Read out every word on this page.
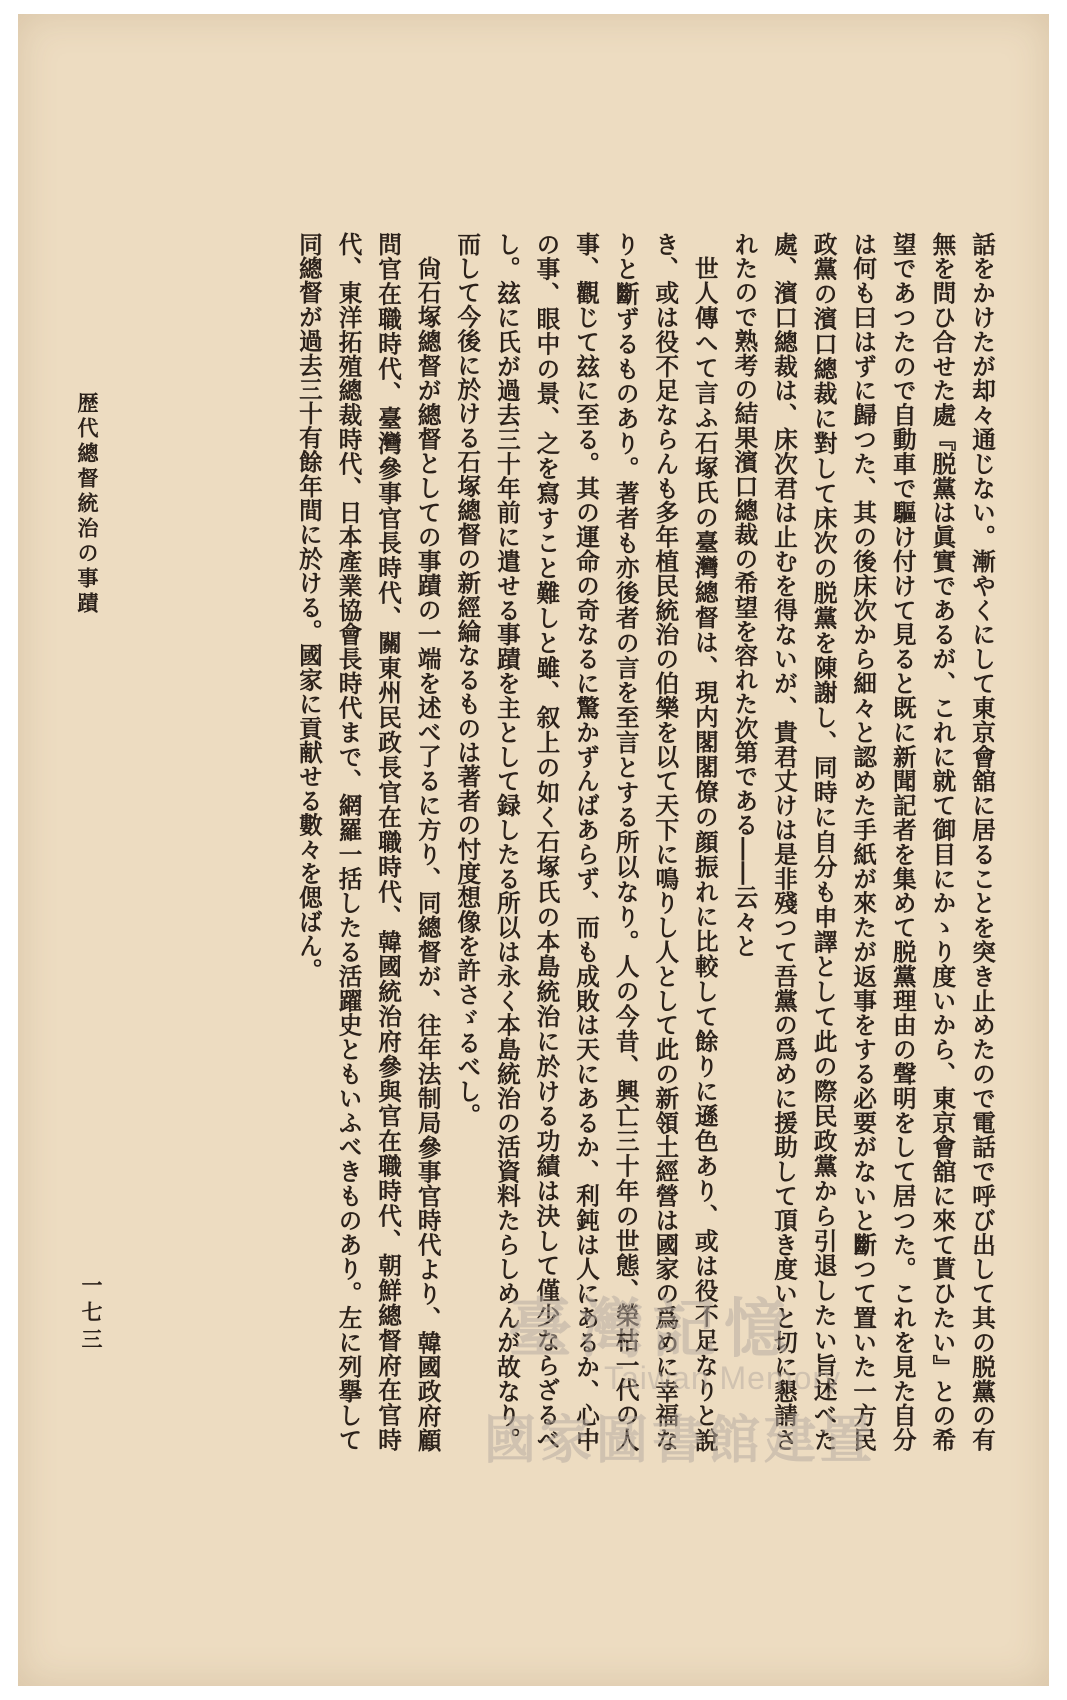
話をかけたが却々通じない。漸やくにして東京會舘に居ることを突き止めたので電話で呼び出して其の脱黨の有無を問ひ合せた處『脱黨は眞實であるが、これに就て御目にかゝり度いから、東京會舘に來て貰ひたい』との希望であつたので自動車で驅け付けて見ると既に新聞記者を集めて脱黨理由の聲明をして居つた。これを見た自分は何も曰はずに歸つた、其の後床次から細々と認めた手紙が來たが返事をする必要がないと斷つて置いた一方民政黨の濱口總裁に對して床次の脱黨を陳謝し、同時に自分も申譯として此の際民政黨から引退したい旨述べた處、濱口總裁は、床次君は止むを得ないが、貴君丈けは是非殘つて吾黨の爲めに援助して頂き度いと切に懇請されたので熟考の結果濱口總裁の希望を容れた次第である――云々と

世人傳へて言ふ石塚氏の臺灣總督は、現内閣閣僚の顔振れに比較して餘りに遜色あり、或は役不足なりと說き、或は役不足ならんも多年植民統治の伯樂を以て天下に鳴りし人として此の新領土經營は國家の爲めに幸福なりと斷ずるものあり。著者も亦後者の言を至言とする所以なり。人の今昔、興亡三十年の世態、榮枯一代の人事、觀じて玆に至る。其の運命の奇なるに驚かずんばあらず、而も成敗は天にあるか、利鈍は人にあるか、心中の事、眼中の景、之を寫すこと難しと雖、叙上の如く石塚氏の本島統治に於ける功績は決して僅少ならざるべし。玆に氏が過去三十年前に遣せる事蹟を主として録したる所以は永く本島統治の活資料たらしめんが故なり。而して今後に於ける石塚總督の新經綸なるものは著者の忖度想像を許さゞるべし。

尙石塚總督が總督としての事蹟の一端を述べ了るに方り、同總督が、往年法制局參事官時代より、韓國政府顧問官在職時代、臺灣參事官長時代、關東州民政長官在職時代、韓國統治府參與官在職時代、朝鮮總督府在官時代、東洋拓殖總裁時代、日本產業協會長時代まで、網羅一括したる活躍史ともいふべきものあり。左に列擧して同總督が過去三十有餘年間に於ける。國家に貢献せる數々を偲ばん。

歴代總督統治の事蹟
一七三	臺灣記憶
Taiwan Memory
國家圖書館建置
